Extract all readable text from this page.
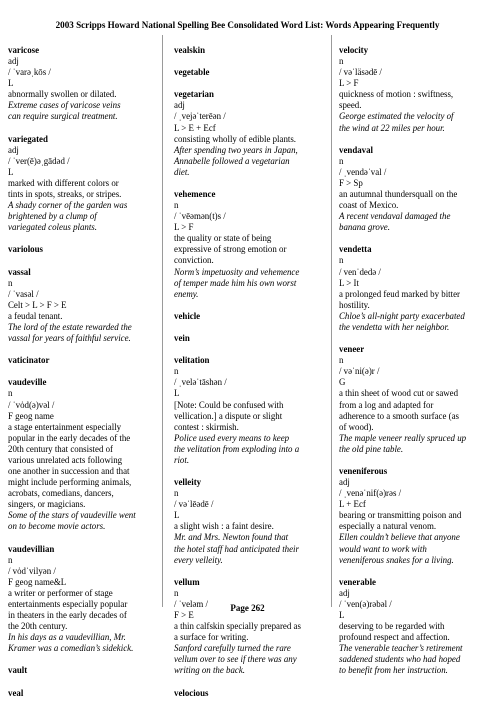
2003 Scripps Howard National Spelling Bee Consolidated Word List: Words Appearing Frequently
varicose
adj
/ ˈvarəˌkōs /
L
abnormally swollen or dilated.
Extreme cases of varicose veins
can require surgical treatment.
variegated
adj
/ ˈver(ē)əˌgādəd /
L
marked with different colors or
tints in spots, streaks, or stripes.
A shady corner of the garden was
brightened by a clump of
variegated coleus plants.
variolous
vassal
n
/ ˈvasəl /
Celt > L > F > E
a feudal tenant.
The lord of the estate rewarded the
vassal for years of faithful service.
vaticinator
vaudeville
n
/ ˈvȯd(ə)vəl /
F geog name
a stage entertainment especially
popular in the early decades of the
20th century that consisted of
various unrelated acts following
one another in succession and that
might include performing animals,
acrobats, comedians, dancers,
singers, or magicians.
Some of the stars of vaudeville went
on to become movie actors.
vaudevillian
n
/ vȯdˈvilyən /
F geog name&L
a writer or performer of stage
entertainments especially popular
in theaters in the early decades of
the 20th century.
In his days as a vaudevillian, Mr.
Kramer was a comedian’s sidekick.
vault
veal
vealskin
vegetable
vegetarian
adj
/ ˌvejəˈterēən /
L > E + Ecf
consisting wholly of edible plants.
After spending two years in Japan,
Annabelle followed a vegetarian
diet.
vehemence
n
/ ˈvēəmən(t)s /
L > F
the quality or state of being
expressive of strong emotion or
conviction.
Norm’s impetuosity and vehemence
of temper made him his own worst
enemy.
vehicle
vein
velitation
n
/ ˌveləˈtāshən /
L
[Note: Could be confused with
vellication.] a dispute or slight
contest : skirmish.
Police used every means to keep
the velitation from exploding into a
riot.
velleity
n
/ vəˈlēədē /
L
a slight wish : a faint desire.
Mr. and Mrs. Newton found that
the hotel staff had anticipated their
every velleity.
vellum
n
/ ˈveləm /
F > E
a thin calfskin specially prepared as
a surface for writing.
Sanford carefully turned the rare
vellum over to see if there was any
writing on the back.
velocious
velocity
n
/ vəˈläsədē /
L > F
quickness of motion : swiftness,
speed.
George estimated the velocity of
the wind at 22 miles per hour.
vendaval
n
/ ˌvendəˈval /
F > Sp
an autumnal thundersquall on the
coast of Mexico.
A recent vendaval damaged the
banana grove.
vendetta
n
/ venˈdedə /
L > It
a prolonged feud marked by bitter
hostility.
Chloe’s all-night party exacerbated
the vendetta with her neighbor.
veneer
n
/ vəˈni(ə)r /
G
a thin sheet of wood cut or sawed
from a log and adapted for
adherence to a smooth surface (as
of wood).
The maple veneer really spruced up
the old pine table.
veneniferous
adj
/ ˌvenəˈnif(ə)rəs /
L + Ecf
bearing or transmitting poison and
especially a natural venom.
Ellen couldn’t believe that anyone
would want to work with
veneniferous snakes for a living.
venerable
adj
/ ˈven(ə)rəbəl /
L
deserving to be regarded with
profound respect and affection.
The venerable teacher’s retirement
saddened students who had hoped
to benefit from her instruction.
Page 262
